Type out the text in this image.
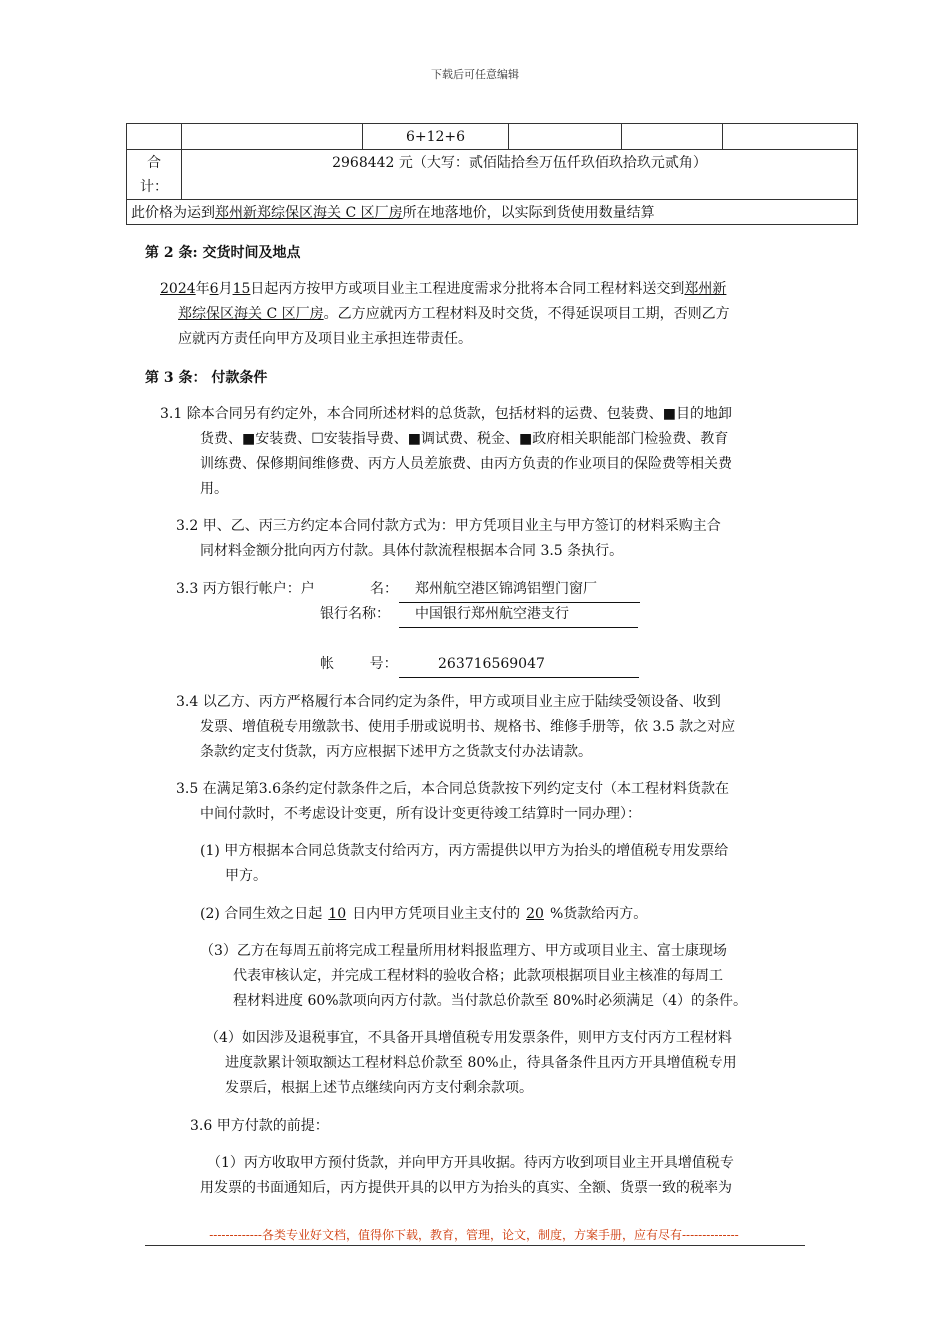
下载后可任意编辑
		6+12+6			
合 计：	2968442 元（大写：贰佰陆拾叁万伍仟玖佰玖拾玖元贰角）				
此价格为运到郑州新郑综保区海关 C 区厂房所在地落地价，以实际到货使用数量结算					
第 2 条: 交货时间及地点
2024年6月15日起丙方按甲方或项目业主工程进度需求分批将本合同工程材料送交到郑州新
郑综保区海关 C 区厂房。乙方应就丙方工程材料及时交货，不得延误项目工期，否则乙方
应就丙方责任向甲方及项目业主承担连带责任。
第 3 条： 付款条件
3.1 除本合同另有约定外，本合同所述材料的总货款，包括材料的运费、包装费、■目的地卸
货费、■安装费、☐安装指导费、■调试费、税金、■政府相关职能部门检验费、教育
训练费、保修期间维修费、丙方人员差旅费、由丙方负责的作业项目的保险费等相关费
用。
3.2 甲、乙、丙三方约定本合同付款方式为：甲方凭项目业主与甲方签订的材料采购主合
同材料金额分批向丙方付款。具体付款流程根据本合同 3.5 条执行。
3.3 丙方银行帐户：户	名：	郑州航空港区锦鸿铝塑门窗厂
银行名称：	中国银行郑州航空港支行
帐        号：	263716569047
3.4 以乙方、丙方严格履行本合同约定为条件，甲方或项目业主应于陆续受领设备、收到
发票、增值税专用缴款书、使用手册或说明书、规格书、维修手册等，依 3.5 款之对应
条款约定支付货款，丙方应根据下述甲方之货款支付办法请款。
3.5 在满足第3.6条约定付款条件之后，本合同总货款按下列约定支付（本工程材料货款在
中间付款时，不考虑设计变更，所有设计变更待竣工结算时一同办理）：
(1) 甲方根据本合同总货款支付给丙方，丙方需提供以甲方为抬头的增值税专用发票给
甲方。
(2) 合同生效之日起 10 日内甲方凭项目业主支付的 20 %货款给丙方。
（3）乙方在每周五前将完成工程量所用材料报监理方、甲方或项目业主、富士康现场
代表审核认定，并完成工程材料的验收合格；此款项根据项目业主核准的每周工
程材料进度 60%款项向丙方付款。当付款总价款至 80%时必须满足（4）的条件。
（4）如因涉及退税事宜，不具备开具增值税专用发票条件，则甲方支付丙方工程材料
进度款累计领取额达工程材料总价款至 80%止，待具备条件且丙方开具增值税专用
发票后，根据上述节点继续向丙方支付剩余款项。
3.6 甲方付款的前提：
（1）丙方收取甲方预付货款，并向甲方开具收据。待丙方收到项目业主开具增值税专
用发票的书面通知后，丙方提供开具的以甲方为抬头的真实、全额、货票一致的税率为
-------------各类专业好文档，值得你下载，教育，管理，论文，制度，方案手册，应有尽有--------------
